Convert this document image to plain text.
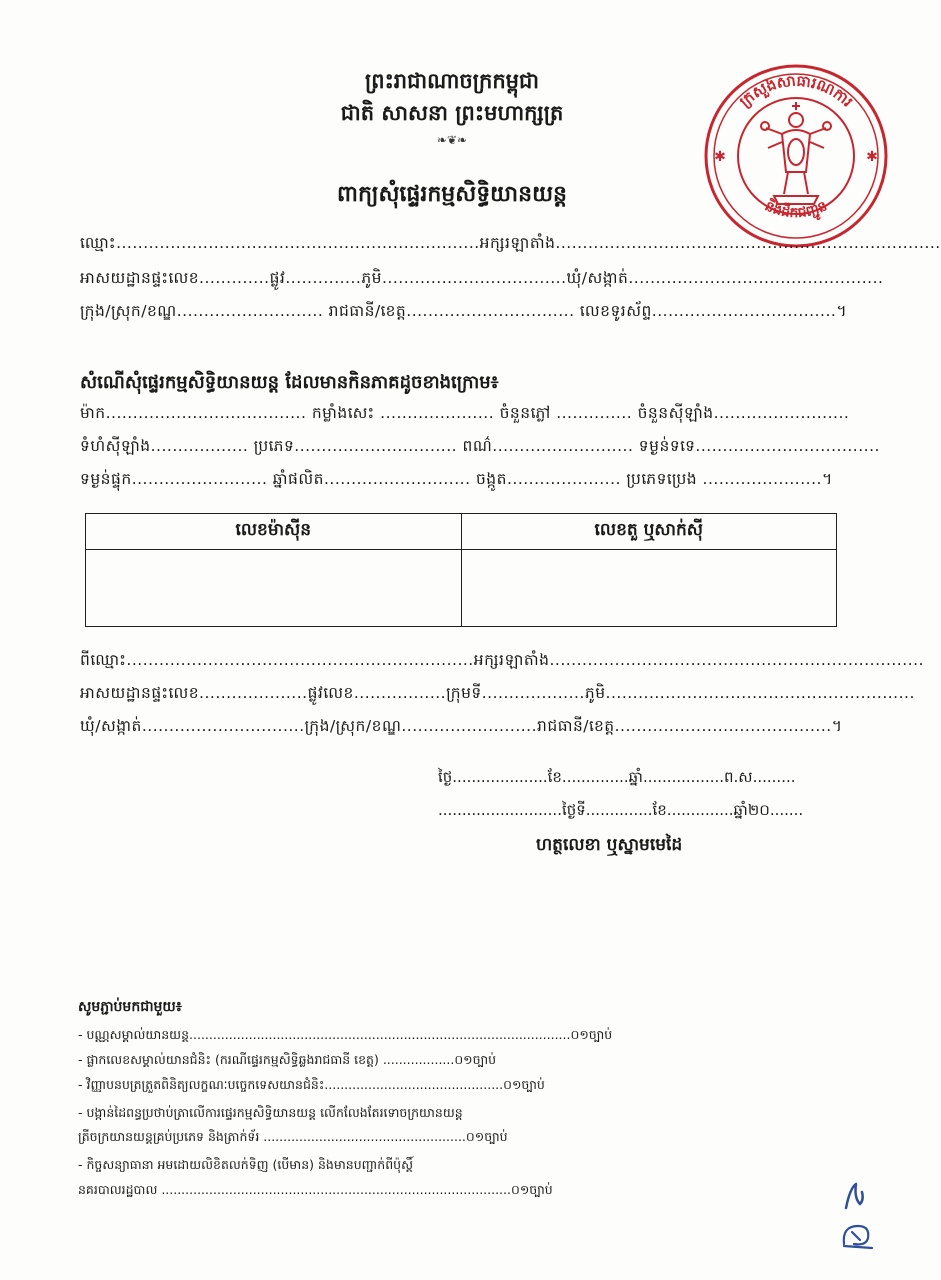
ព្រះរាជាណាចក្រកម្ពុជា
ជាតិ សាសនា ព្រះមហាក្សត្រ
❧❦❧
ពាក្យសុំផ្ទេរកម្មសិទ្ធិយានយន្ត
ក្រសួងសាធារណការ
និងដឹកជញ្ជូន
✱	✱
ឈ្មោះ...................................................................អក្សរឡាតាំង.......................................................................
អាសយដ្ឋានផ្ទះលេខ.............ផ្លូវ..............ភូមិ..................................ឃុំ/សង្កាត់...............................................
ក្រុង/ស្រុក/ខណ្ឌ........................... រាជធានី/ខេត្ត............................... លេខទូរស័ព្ទ..................................។
សំណើសុំផ្ទេរកម្មសិទ្ធិយានយន្ត ដែលមានកិនភាគដូចខាងក្រោម៖
ម៉ាក..................................... កម្លាំងសេះ ..................... ចំនួនភ្លៅ .............. ចំនួនស៊ីឡាំង.........................
ទំហំស៊ីឡាំង.................. ប្រភេទ.............................. ពណ៌.......................... ទម្ងន់ទទេ..................................
ទម្ងន់ផ្ទុក......................... ឆ្នាំផលិត........................... ចង្កូត..................... ប្រភេទប្រេង ......................។
លេខម៉ាស៊ីន	លេខតួ ឬសាក់ស៊ី

ពីឈ្មោះ................................................................អក្សរឡាតាំង.....................................................................
អាសយដ្ឋានផ្ទះលេខ....................ផ្លូវលេខ.................ក្រុមទី...................ភូមិ.........................................................
ឃុំ/សង្កាត់..............................ក្រុង/ស្រុក/ខណ្ឌ.........................រាជធានី/ខេត្ត........................................។
ថ្ងៃ....................ខែ..............ឆ្នាំ.................ព.ស.........
..........................ថ្ងៃទី..............ខែ..............ឆ្នាំ២០.......
ហត្ថលេខា ឬស្នាមមេដៃ
សូមភ្ជាប់មកជាមួយ៖
- បណ្ណសម្គាល់យានយន្ត................................................................................................០១ច្បាប់
- ផ្លាកលេខសម្គាល់យានជំនិះ (ករណីផ្ទេរកម្មសិទ្ធិឆ្លងរាជធានី ខេត្ត) ..................០១ច្បាប់
- វិញ្ញាបនបត្រត្រួតពិនិត្យលក្ខណៈបច្ចេកទេសយានជំនិះ.............................................០១ច្បាប់
- បង្កាន់ដៃពន្ធប្រថាប់ត្រាលើការផ្ទេរកម្មសិទ្ធិយានយន្ត លើកលែងតែរទោចក្រយានយន្ត
ត្រីចក្រយានយន្តគ្រប់ប្រភេទ និងត្រាក់ទ័រ ...................................................០១ច្បាប់
- កិច្ចសន្យាធានា អមដោយលិខិតលក់ទិញ (បើមាន) និងមានបញ្ជាក់ពីប៉ុស្ដិ៍
នគរបាលរដ្ឋបាល ........................................................................................០១ច្បាប់
